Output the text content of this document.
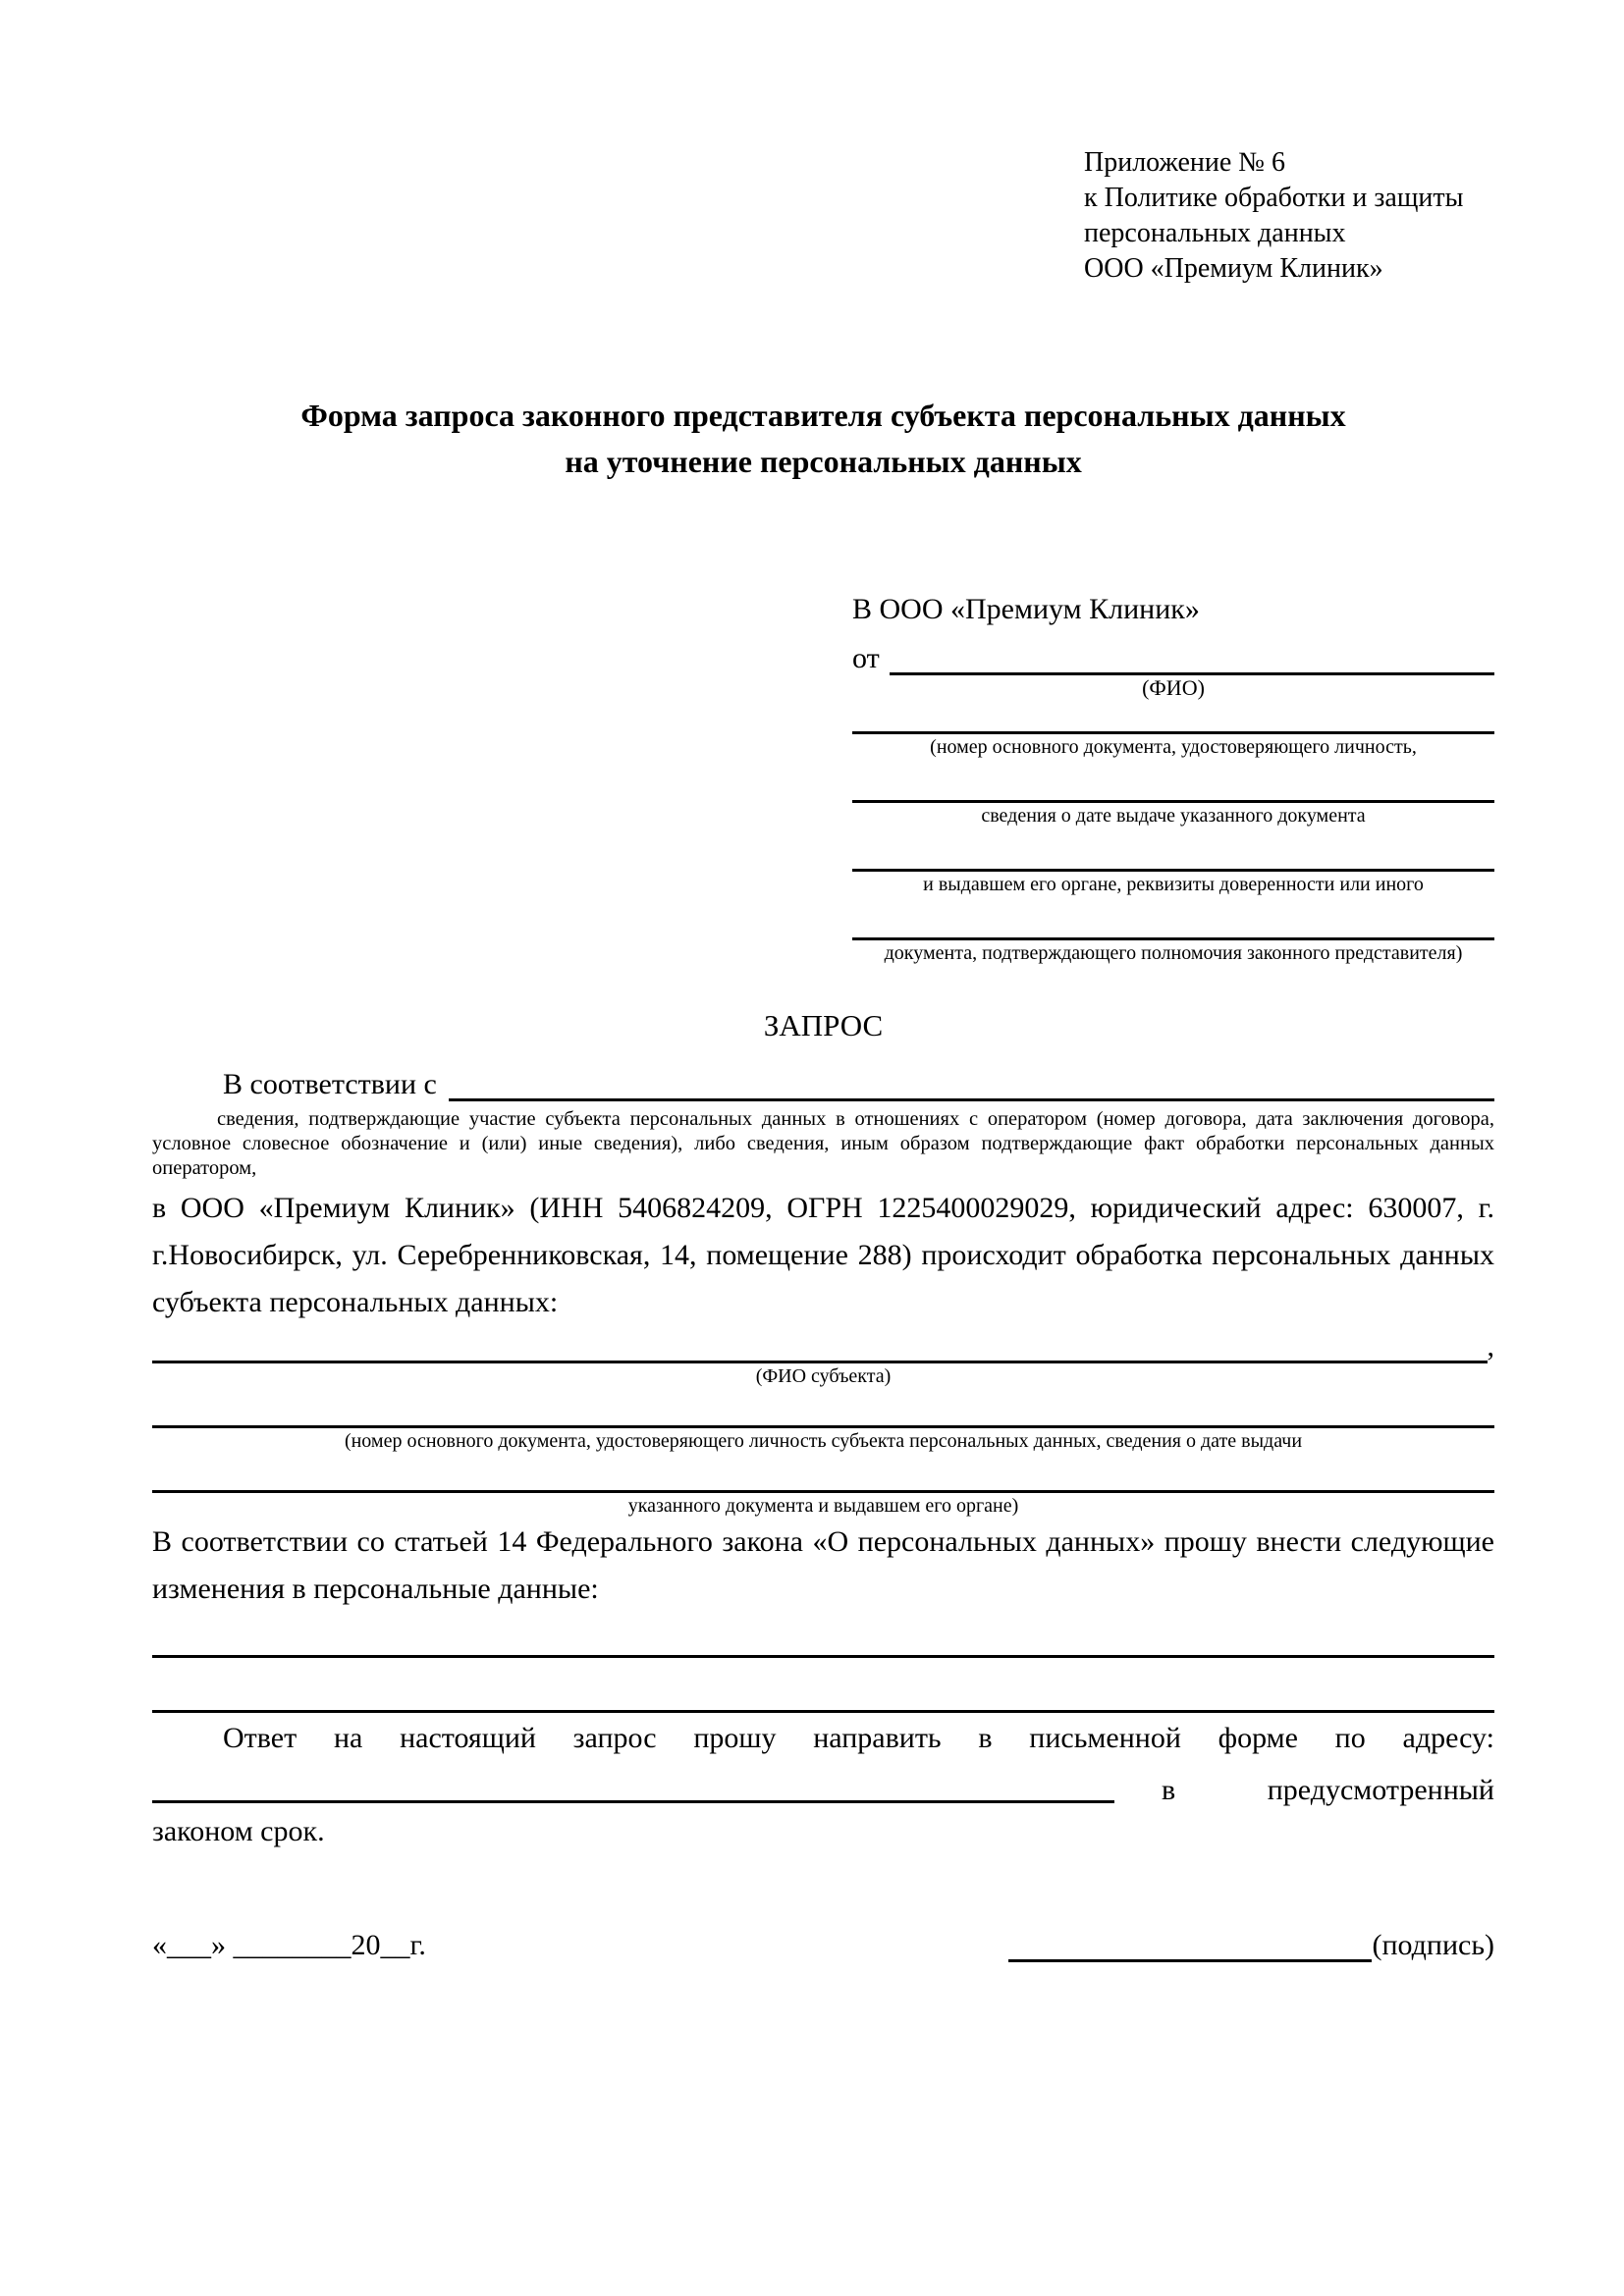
Приложение № 6
к Политике обработки и защиты
персональных данных
ООО «Премиум Клиник»
Форма запроса законного представителя субъекта персональных данных
на уточнение персональных данных
В ООО «Премиум Клиник»
от
(ФИО)
(номер основного документа, удостоверяющего личность,
сведения о дате выдаче указанного документа
и выдавшем его органе, реквизиты доверенности или иного
документа, подтверждающего полномочия законного представителя)
ЗАПРОС
В соответствии с

сведения, подтверждающие участие субъекта персональных данных в отношениях с оператором (номер договора, дата заключения договора, условное словесное обозначение и (или) иные сведения), либо сведения, иным образом подтверждающие факт обработки персональных данных оператором,

в ООО «Премиум Клиник» (ИНН 5406824209, ОГРН 1225400029029, юридический адрес: 630007, г. г.Новосибирск, ул. Серебренниковская, 14, помещение 288) происходит обработка персональных данных субъекта персональных данных:

,
(ФИО субъекта)
(номер основного документа, удостоверяющего личность субъекта персональных данных, сведения о дате выдачи
указанного документа и выдавшем его органе)

В соответствии со статьей 14 Федерального закона «О персональных данных» прошу внести следующие изменения в персональные данные:

Ответ на настоящий запрос прошу направить в письменной форме по адресу:

в	предусмотренный
законом срок.
«___» ________20__г.	(подпись)
